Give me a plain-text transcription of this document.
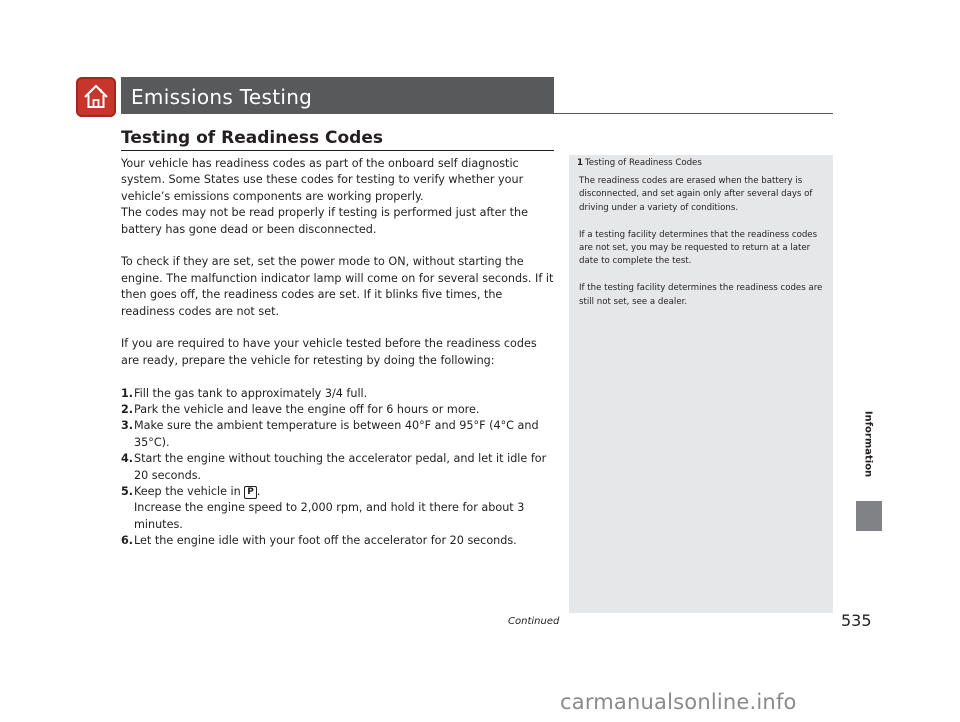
Emissions Testing
Testing of Readiness Codes
Your vehicle has readiness codes as part of the onboard self diagnostic system. Some States use these codes for testing to verify whether your vehicle’s emissions components are working properly.

The codes may not be read properly if testing is performed just after the battery has gone dead or been disconnected.

To check if they are set, set the power mode to ON, without starting the engine. The malfunction indicator lamp will come on for several seconds. If it then goes off, the readiness codes are set. If it blinks five times, the readiness codes are not set.

If you are required to have your vehicle tested before the readiness codes are ready, prepare the vehicle for retesting by doing the following:

1. Fill the gas tank to approximately 3/4 full.
2. Park the vehicle and leave the engine off for 6 hours or more.
3. Make sure the ambient temperature is between 40°F and 95°F (4°C and 35°C).
4. Start the engine without touching the accelerator pedal, and let it idle for 20 seconds.
5. Keep the vehicle in P .
Increase the engine speed to 2,000 rpm, and hold it there for about 3 minutes.
6. Let the engine idle with your foot off the accelerator for 20 seconds.
1 Testing of Readiness Codes

The readiness codes are erased when the battery is disconnected, and set again only after several days of driving under a variety of conditions.

If a testing facility determines that the readiness codes are not set, you may be requested to return at a later date to complete the test.

If the testing facility determines the readiness codes are still not set, see a dealer.

Continued	535
Information
carmanualsonline.info
